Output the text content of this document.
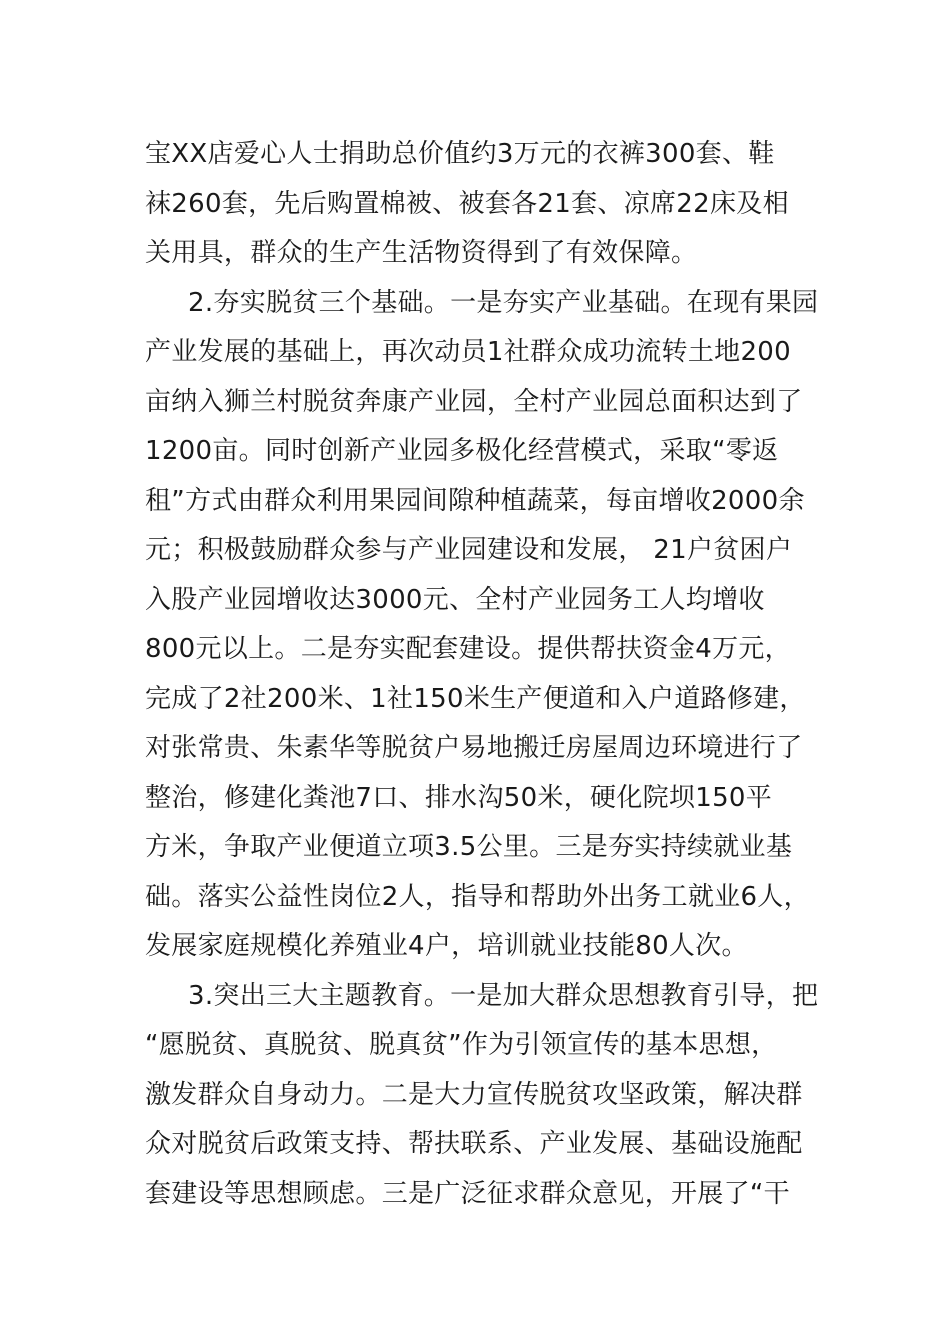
宝XX店爱心人士捐助总价值约3万元的衣裤300套、鞋
袜260套，先后购置棉被、被套各21套、凉席22床及相
关用具，群众的生产生活物资得到了有效保障。
2.夯实脱贫三个基础。一是夯实产业基础。在现有果园
产业发展的基础上，再次动员1社群众成功流转土地200
亩纳入狮兰村脱贫奔康产业园，全村产业园总面积达到了
1200亩。同时创新产业园多极化经营模式，采取“零返
租”方式由群众利用果园间隙种植蔬菜，每亩增收2000余
元；积极鼓励群众参与产业园建设和发展， 21户贫困户
入股产业园增收达3000元、全村产业园务工人均增收
800元以上。二是夯实配套建设。提供帮扶资金4万元，
完成了2社200米、1社150米生产便道和入户道路修建，
对张常贵、朱素华等脱贫户易地搬迁房屋周边环境进行了
整治，修建化粪池7口、排水沟50米，硬化院坝150平
方米，争取产业便道立项3.5公里。三是夯实持续就业基
础。落实公益性岗位2人，指导和帮助外出务工就业6人，
发展家庭规模化养殖业4户，培训就业技能80人次。
3.突出三大主题教育。一是加大群众思想教育引导，把
“愿脱贫、真脱贫、脱真贫”作为引领宣传的基本思想，
激发群众自身动力。二是大力宣传脱贫攻坚政策，解决群
众对脱贫后政策支持、帮扶联系、产业发展、基础设施配
套建设等思想顾虑。三是广泛征求群众意见，开展了“干
